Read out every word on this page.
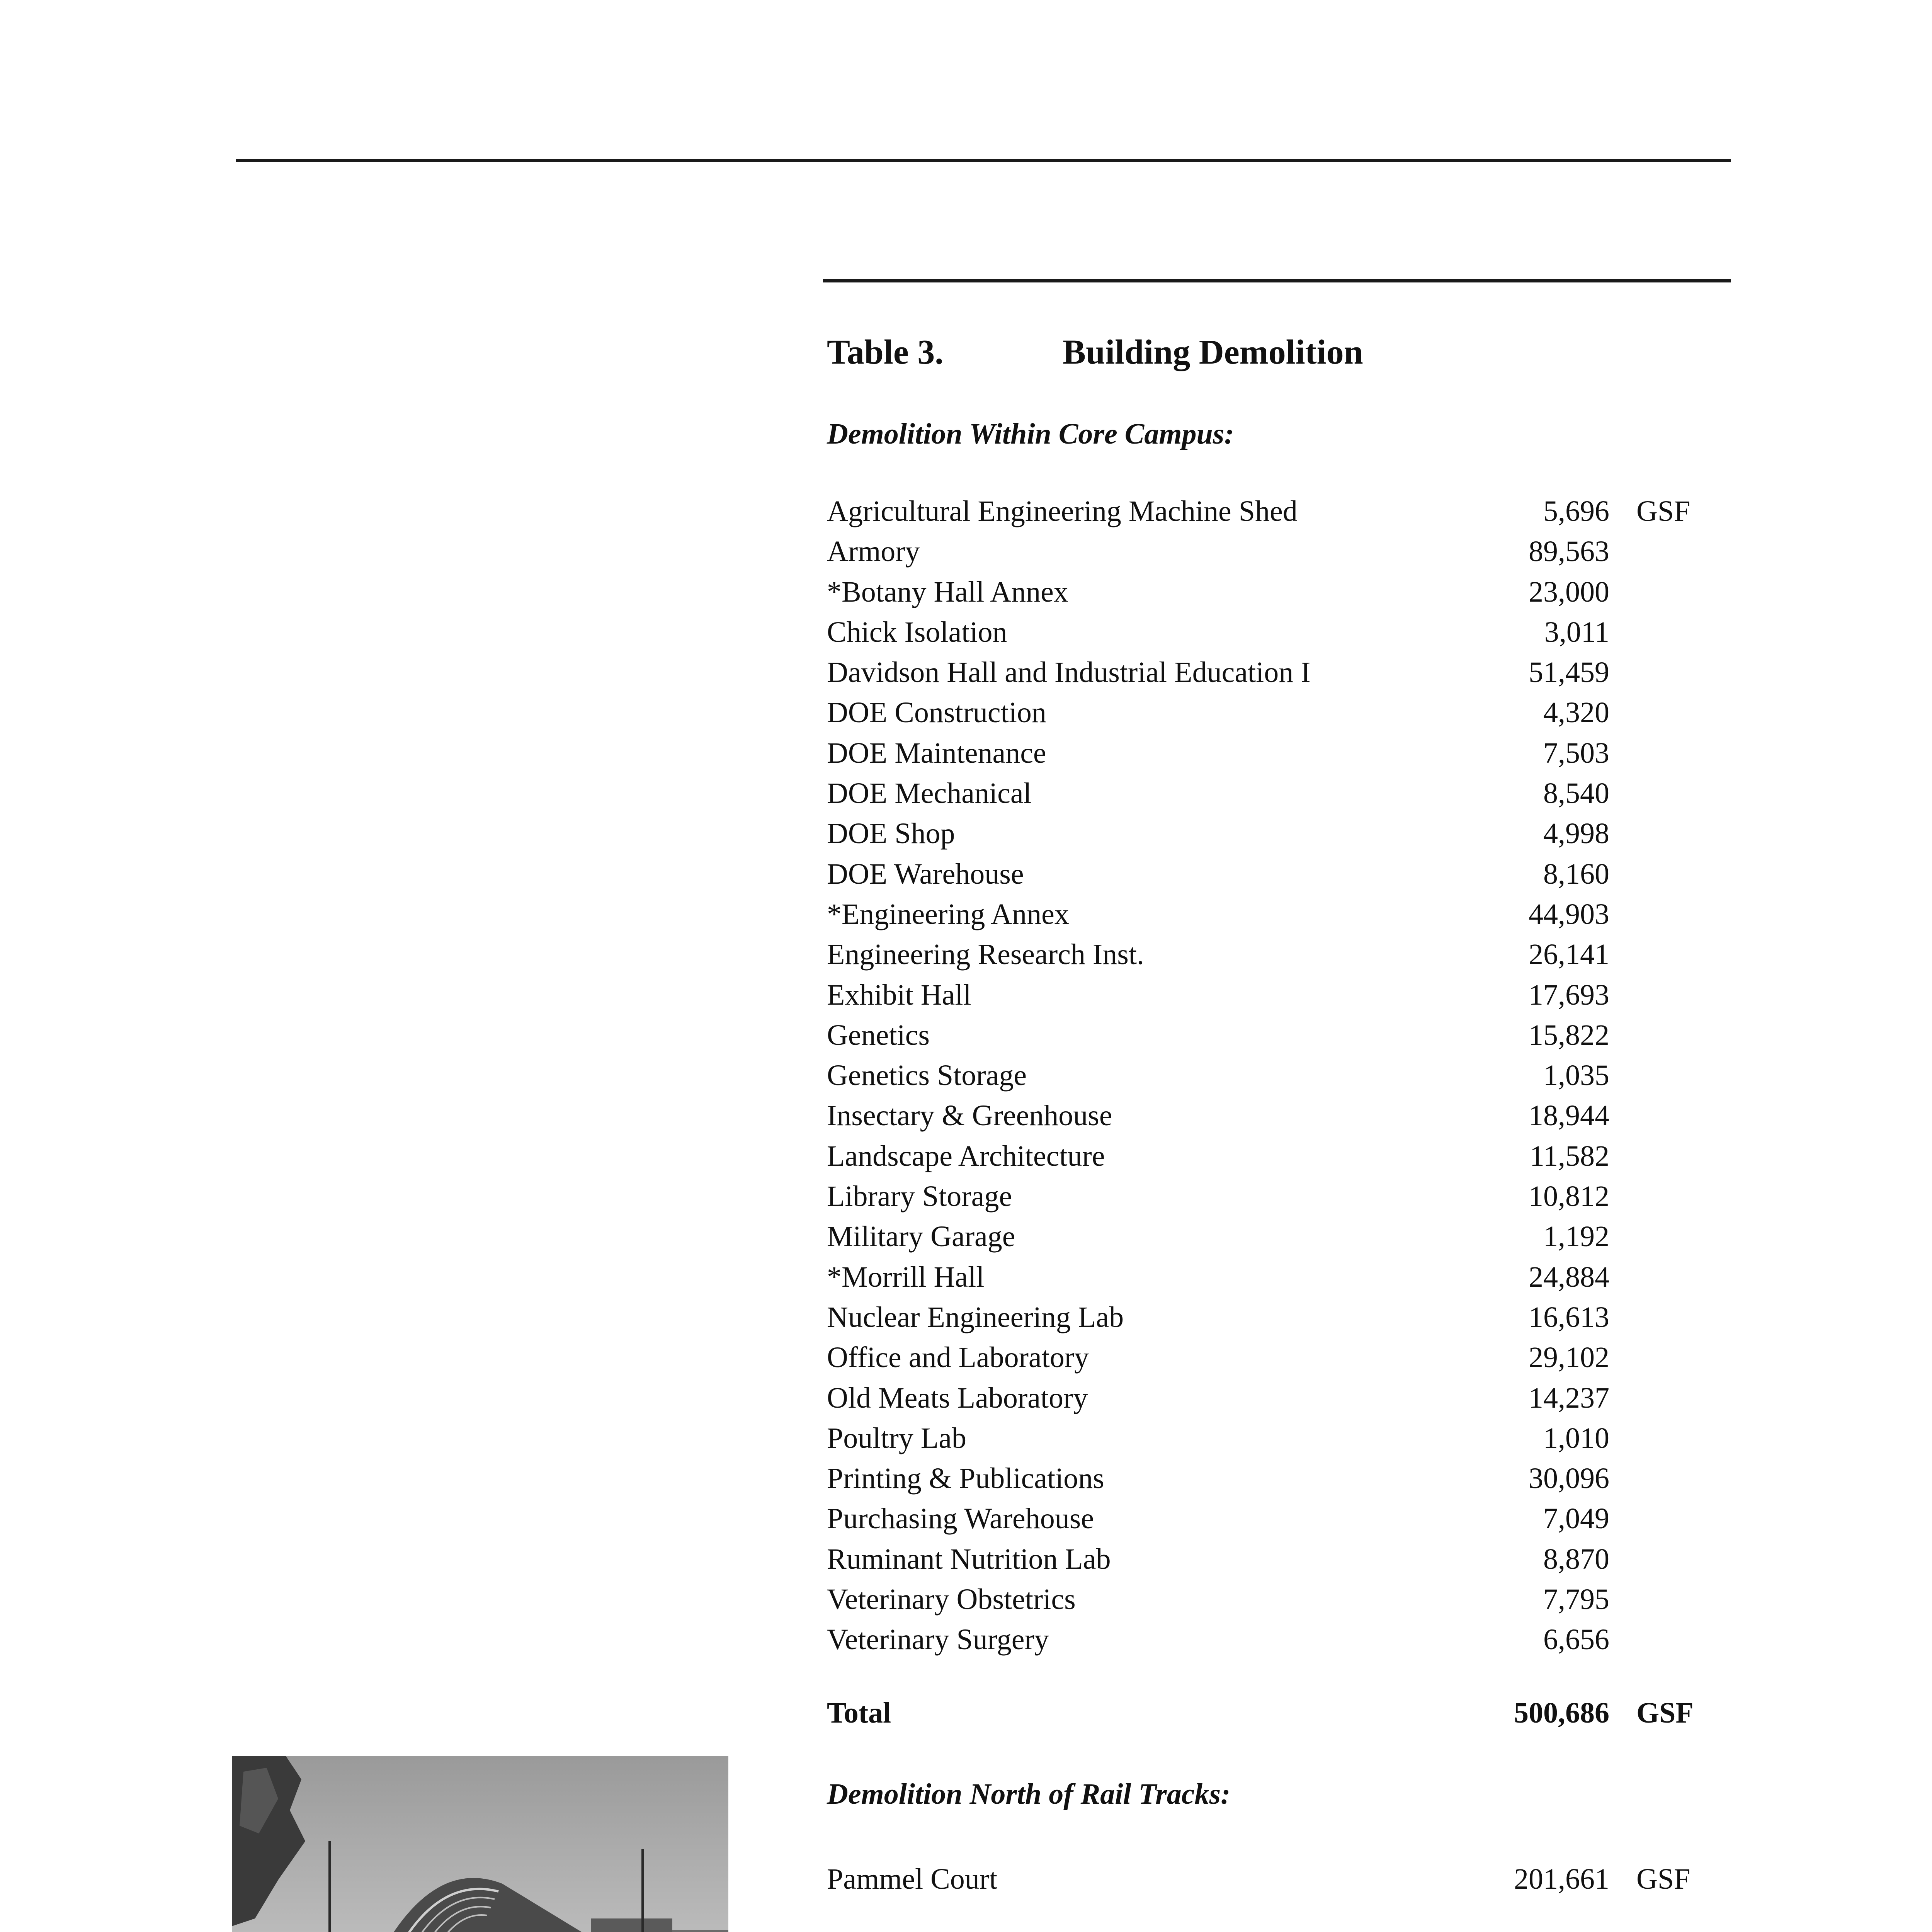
Table 3.	Building Demolition
Demolition Within Core Campus:
Agricultural Engineering Machine Shed	5,696 GSF
Armory	89,563
*Botany Hall Annex	23,000
Chick Isolation	3,011
Davidson Hall and Industrial Education I	51,459
DOE Construction	4,320
DOE Maintenance	7,503
DOE Mechanical	8,540
DOE Shop	4,998
DOE Warehouse	8,160
*Engineering Annex	44,903
Engineering Research Inst.	26,141
Exhibit Hall	17,693
Genetics	15,822
Genetics Storage	1,035
Insectary & Greenhouse	18,944
Landscape Architecture	11,582
Library Storage	10,812
Military Garage	1,192
*Morrill Hall	24,884
Nuclear Engineering Lab	16,613
Office and Laboratory	29,102
Old Meats Laboratory	14,237
Poultry Lab	1,010
Printing & Publications	30,096
Purchasing Warehouse	7,049
Ruminant Nutrition Lab	8,870
Veterinary Obstetrics	7,795
Veterinary Surgery	6,656
Total	500,686 GSF
Demolition North of Rail Tracks:
Pammel Court	201,661 GSF
